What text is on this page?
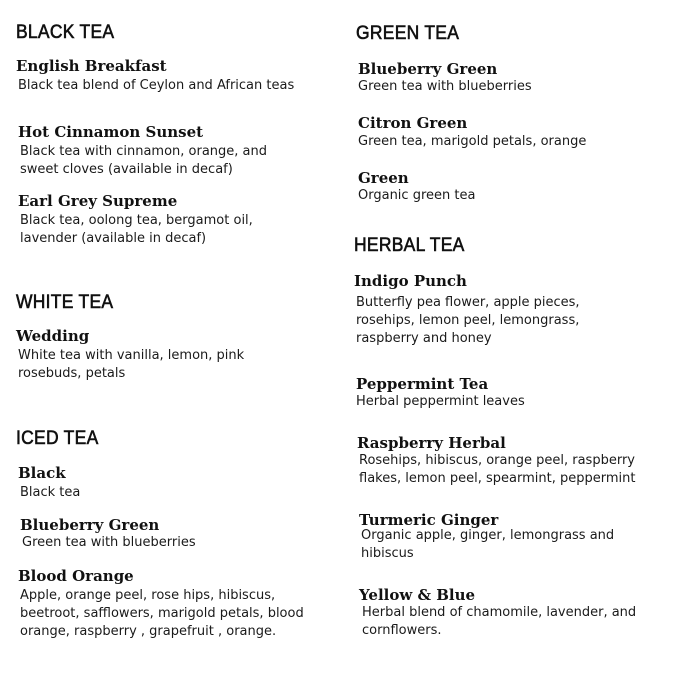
BLACK TEA

English Breakfast

Black tea blend of Ceylon and African teas

Hot Cinnamon Sunset

Black tea with cinnamon, orange, and sweet cloves (available in decaf)

Earl Grey Supreme

Black tea, oolong tea, bergamot oil, lavender (available in decaf)

WHITE TEA

Wedding

White tea with vanilla, lemon, pink rosebuds, petals

ICED TEA

Black

Black tea

Blueberry Green

Green tea with blueberries

Blood Orange

Apple, orange peel, rose hips, hibiscus, beetroot, safflowers, marigold petals, blood orange, raspberry , grapefruit , orange.

GREEN TEA

Blueberry Green

Green tea with blueberries

Citron Green

Green tea, marigold petals, orange

Green

Organic green tea

HERBAL TEA

Indigo Punch

Butterfly pea flower, apple pieces, rosehips, lemon peel, lemongrass, raspberry and honey

Peppermint Tea

Herbal peppermint leaves

Raspberry Herbal

Rosehips, hibiscus, orange peel, raspberry flakes, lemon peel, spearmint, peppermint

Turmeric Ginger

Organic apple, ginger, lemongrass and hibiscus

Yellow & Blue

Herbal blend of chamomile, lavender, and cornflowers.
